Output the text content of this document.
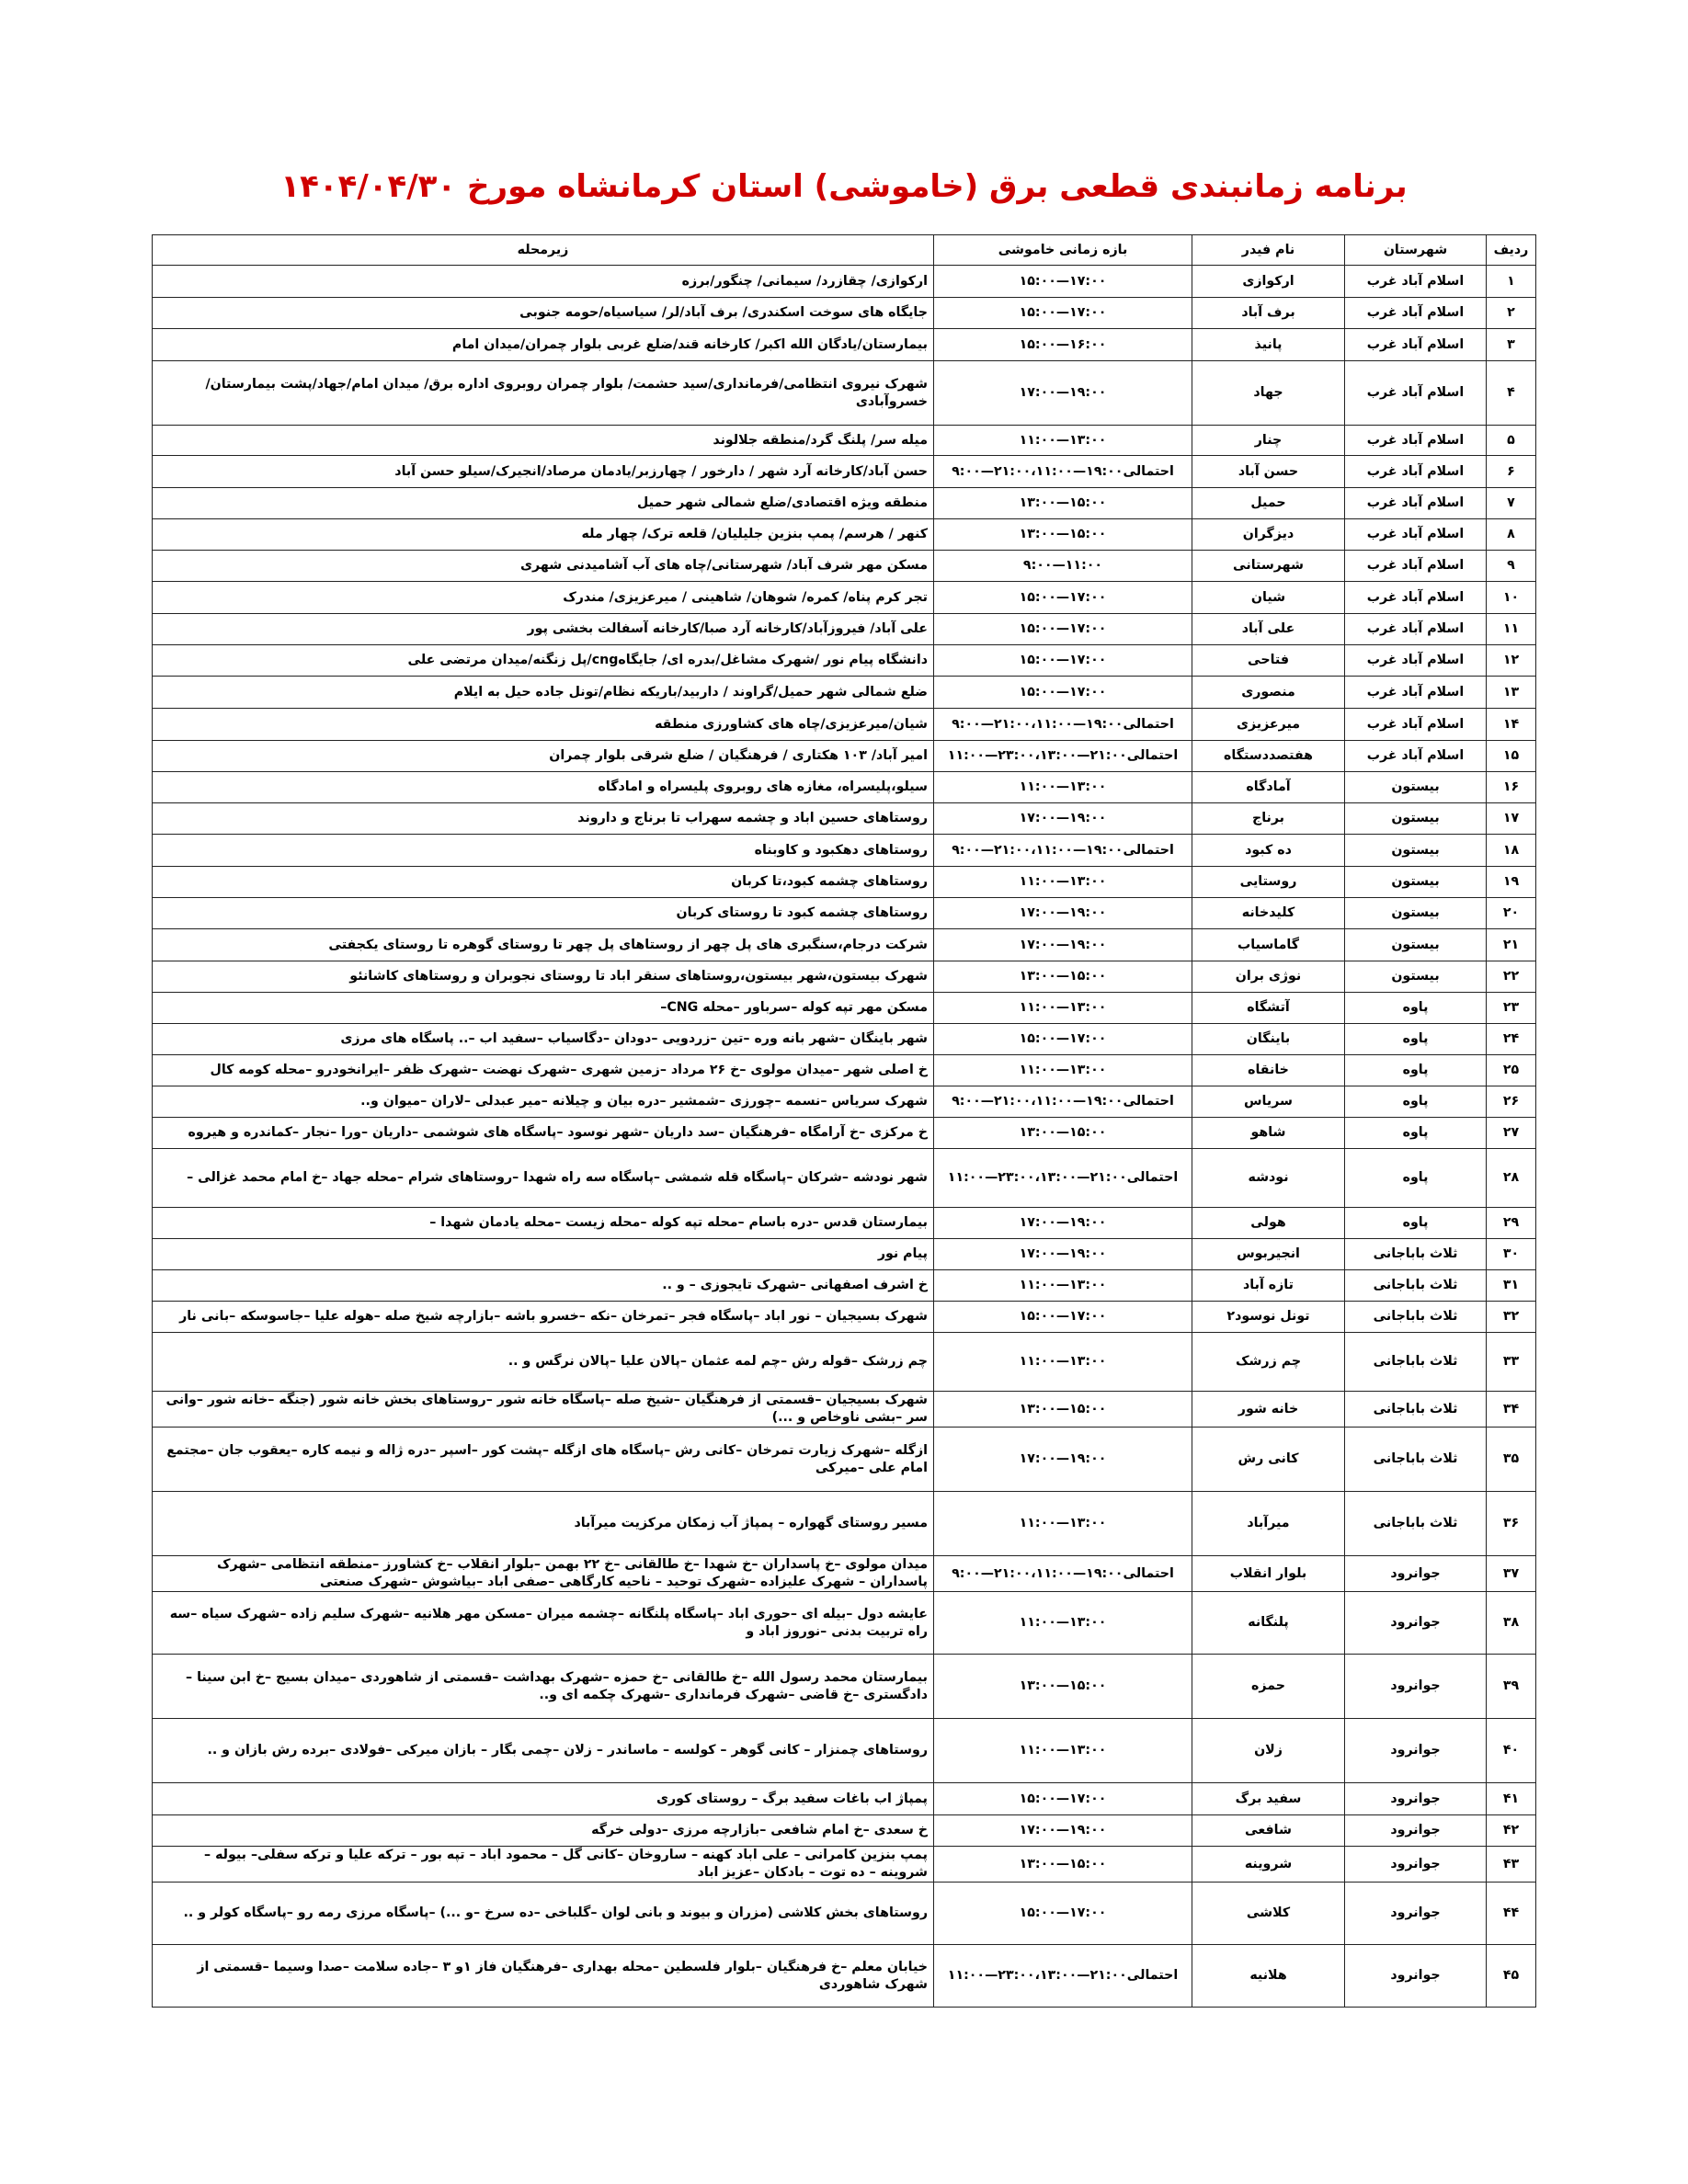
برنامه زمانبندی قطعی برق (خاموشی) استان کرمانشاه مورخ ۱۴۰۴/۰۴/۳۰
ردیف	شهرستان	نام فیدر	بازه زمانی خاموشی	زیرمحله
۱	اسلام آباد غرب	ارکوازی	۱۵:۰۰—۱۷:۰۰	ارکوازی/ چقازرد/ سیمانی/ چنگور/برزه
۲	اسلام آباد غرب	برف آباد	۱۵:۰۰—۱۷:۰۰	جایگاه های سوخت اسکندری/ برف آباد/لر/ سیاسیاه/حومه جنوبی
۳	اسلام آباد غرب	پانیذ	۱۵:۰۰—۱۶:۰۰	بیمارستان/یادگان الله اکبر/ کارخانه قند/ضلع غربی بلوار چمران/میدان امام
۴	اسلام آباد غرب	جهاد	۱۷:۰۰—۱۹:۰۰	شهرک نیروی انتظامی/فرمانداری/سید حشمت/ بلوار چمران روبروی اداره برق/ میدان امام/جهاد/پشت بیمارستان/ خسروآبادی
۵	اسلام آباد غرب	چنار	۱۱:۰۰—۱۳:۰۰	میله سر/ پلنگ گرد/منطقه جلالوند
۶	اسلام آباد غرب	حسن آباد	احتمالی۱۹:۰۰—۲۱:۰۰،۱۱:۰۰—۹:۰۰	حسن آباد/کارخانه آرد شهر / دارخور / چهارزبر/یادمان مرصاد/انجیرک/سیلو حسن آباد
۷	اسلام آباد غرب	حمیل	۱۳:۰۰—۱۵:۰۰	منطقه ویژه اقتصادی/ضلع شمالی شهر حمیل
۸	اسلام آباد غرب	دیزگران	۱۳:۰۰—۱۵:۰۰	کنهر / هرسم/ پمپ بنزین جلیلیان/ قلعه ترک/ چهار مله
۹	اسلام آباد غرب	شهرستانی	۹:۰۰—۱۱:۰۰	مسکن مهر شرف آباد/ شهرستانی/چاه های آب آشامیدنی شهری
۱۰	اسلام آباد غرب	شیان	۱۵:۰۰—۱۷:۰۰	تجر کرم پناه/ کمره/ شوهان/ شاهینی / میرعزیزی/ مندرک
۱۱	اسلام آباد غرب	علی آباد	۱۵:۰۰—۱۷:۰۰	علی آباد/ فیروزآباد/کارخانه آرد صبا/کارخانه آسفالت بخشی پور
۱۲	اسلام آباد غرب	فتاحی	۱۵:۰۰—۱۷:۰۰	دانشگاه پیام نور /شهرک مشاغل/بدره ای/ جایگاهcng/پل زنگنه/میدان مرتضی علی
۱۳	اسلام آباد غرب	منصوری	۱۵:۰۰—۱۷:۰۰	ضلع شمالی شهر حمیل/گراوند / داربید/باریکه نظام/تونل جاده حیل به ایلام
۱۴	اسلام آباد غرب	میرعزیزی	احتمالی۱۹:۰۰—۲۱:۰۰،۱۱:۰۰—۹:۰۰	شیان/میرعزیزی/چاه های کشاورزی منطقه
۱۵	اسلام آباد غرب	هفتصددستگاه	احتمالی۲۱:۰۰—۲۳:۰۰،۱۳:۰۰—۱۱:۰۰	امیر آباد/ ۱۰۳ هکتاری / فرهنگیان / ضلع شرقی بلوار چمران
۱۶	بیستون	آمادگاه	۱۱:۰۰—۱۳:۰۰	سیلو،پلیسراه، مغازه های روبروی پلیسراه و امادگاه
۱۷	بیستون	برناج	۱۷:۰۰—۱۹:۰۰	روستاهای حسین اباد و چشمه سهراب تا برناج و داروند
۱۸	بیستون	ده کبود	احتمالی۱۹:۰۰—۲۱:۰۰،۱۱:۰۰—۹:۰۰	روستاهای دهکبود و کاوبناه
۱۹	بیستون	روستایی	۱۱:۰۰—۱۳:۰۰	روستاهای چشمه کبود،تا کربان
۲۰	بیستون	کلیدخانه	۱۷:۰۰—۱۹:۰۰	روستاهای چشمه کبود تا روستای کربان
۲۱	بیستون	گاماسیاب	۱۷:۰۰—۱۹:۰۰	شرکت درجام،سنگبری های پل چهر از روستاهای پل چهر تا روستای گوهره تا روستای یکجفتی
۲۲	بیستون	نوژی بران	۱۳:۰۰—۱۵:۰۰	شهرک بیستون،شهر بیستون،روستاهای سنقر اباد تا روستای نجوبران و روستاهای کاشانئو
۲۳	پاوه	آتشگاه	۱۱:۰۰—۱۳:۰۰	مسکن مهر تپه کوله –سرباور –محله CNG–
۲۴	پاوه	باینگان	۱۵:۰۰—۱۷:۰۰	شهر باینگان –شهر بانه وره –تین –زردویی –دودان –دگاسیاب –سفید اب –.. پاسگاه های مرزی
۲۵	پاوه	خانقاه	۱۱:۰۰—۱۳:۰۰	خ اصلی شهر –میدان مولوی –خ ۲۶ مرداد –زمین شهری –شهرک نهضت –شهرک ظفر –ایرانخودرو –محله کومه کال
۲۶	پاوه	سریاس	احتمالی۱۹:۰۰—۲۱:۰۰،۱۱:۰۰—۹:۰۰	شهرک سریاس –نسمه –چورزی –شمشیر –دره بیان و چیلانه –میر عبدلی –لاران –میوان و..
۲۷	پاوه	شاهو	۱۳:۰۰—۱۵:۰۰	خ مرکزی –خ آرامگاه –فرهنگیان –سد داریان –شهر نوسود –پاسگاه های شوشمی –داریان –ورا –نجار –کماندره و هیروه
۲۸	پاوه	نودشه	احتمالی۲۱:۰۰—۲۳:۰۰،۱۳:۰۰—۱۱:۰۰	شهر نودشه –شرکان –پاسگاه قله شمشی –پاسگاه سه راه شهدا –روستاهای شرام –محله جهاد –خ امام محمد غزالی –
۲۹	پاوه	هولی	۱۷:۰۰—۱۹:۰۰	بیمارستان قدس –دره باسام –محله تپه کوله –محله زیست –محله یادمان شهدا –
۳۰	ثلاث باباجانی	انجیربوس	۱۷:۰۰—۱۹:۰۰	پیام نور
۳۱	ثلاث باباجانی	تازه آباد	۱۱:۰۰—۱۳:۰۰	خ اشرف اصفهانی –شهرک تایجوزی – و ..
۳۲	ثلاث باباجانی	تونل نوسود۲	۱۵:۰۰—۱۷:۰۰	شهرک بسیجیان – نور اباد –پاسگاه فجر –تمرخان –نکه –خسرو باشه –بازارچه شیخ صله –هوله علیا –جاسوسکه –بانی نار
۳۳	ثلاث باباجانی	چم زرشک	۱۱:۰۰—۱۳:۰۰	چم زرشک –قوله رش –چم لمه عثمان –پالان علیا –پالان نرگس و ..
۳۴	ثلاث باباجانی	خانه شور	۱۳:۰۰—۱۵:۰۰	شهرک بسیجیان –قسمتی از فرهنگیان –شیخ صله –پاسگاه خانه شور –روستاهای بخش خانه شور (جنگه –خانه شور –وانی سر –بشی ناوخاص و ...)
۳۵	ثلاث باباجانی	کانی رش	۱۷:۰۰—۱۹:۰۰	ازگله –شهرک زیارت تمرخان –کانی رش –پاسگاه های ازگله –پشت کور –اسپر –دره ژاله و نیمه کاره –یعقوب جان –مجتمع امام علی –میرکی
۳۶	ثلاث باباجانی	میرآباد	۱۱:۰۰—۱۳:۰۰	مسیر روستای گهواره – پمپاژ آب زمکان مرکزیت میرآباد
۳۷	جوانرود	بلوار انقلاب	احتمالی۱۹:۰۰—۲۱:۰۰،۱۱:۰۰—۹:۰۰	میدان مولوی –خ پاسداران –خ شهدا –خ طالقانی –خ ۲۲ بهمن –بلوار انقلاب –خ کشاورز –منطقه انتظامی –شهرک پاسداران – شهرک علیزاده –شهرک توحید – ناحیه کارگاهی –صفی اباد –بیاشوش –شهرک صنعتی
۳۸	جوانرود	پلنگانه	۱۱:۰۰—۱۳:۰۰	عایشه دول –بیله ای –حوری اباد –پاسگاه پلنگانه –چشمه میران –مسکن مهر هلانیه –شهرک سلیم زاده –شهرک سیاه –سه راه تربیت بدنی –نوروز اباد و
۳۹	جوانرود	حمزه	۱۳:۰۰—۱۵:۰۰	بیمارستان محمد رسول الله –خ طالقانی –خ حمزه –شهرک بهداشت –قسمتی از شاهوردی –میدان بسیج –خ ابن سینا –دادگستری –خ قاضی –شهرک فرمانداری –شهرک چکمه ای و..
۴۰	جوانرود	زلان	۱۱:۰۰—۱۳:۰۰	روستاهای چمنزار – کانی گوهر – کولسه – ماساندر – زلان –چمی بگار – بازان میرکی –فولادی –برده رش بازان و ..
۴۱	جوانرود	سفید برگ	۱۵:۰۰—۱۷:۰۰	پمپاژ اب باغات سفید برگ – روستای کوری
۴۲	جوانرود	شافعی	۱۷:۰۰—۱۹:۰۰	خ سعدی –خ امام شافعی –بازارچه مرزی –دولی خرگه
۴۳	جوانرود	شروینه	۱۳:۰۰—۱۵:۰۰	پمپ بنزین کامرانی – علی اباد کهنه – ساروخان –کانی گل – محمود اباد – تپه بور – ترکه علیا و ترکه سفلی– بیوله – شروینه – ده توت – بادکان –عزیز اباد
۴۴	جوانرود	کلاشی	۱۵:۰۰—۱۷:۰۰	روستاهای بخش کلاشی (مزران و بیوند و بانی لوان –گلباخی –ده سرخ –و ...) –پاسگاه مرزی رمه رو –پاسگاه کولر و ..
۴۵	جوانرود	هلانیه	احتمالی۲۱:۰۰—۲۳:۰۰،۱۳:۰۰—۱۱:۰۰	خیابان معلم –خ فرهنگیان –بلوار فلسطین –محله بهداری –فرهنگیان فاز ۱و ۳ –جاده سلامت –صدا وسیما –قسمتی از شهرک شاهوردی
